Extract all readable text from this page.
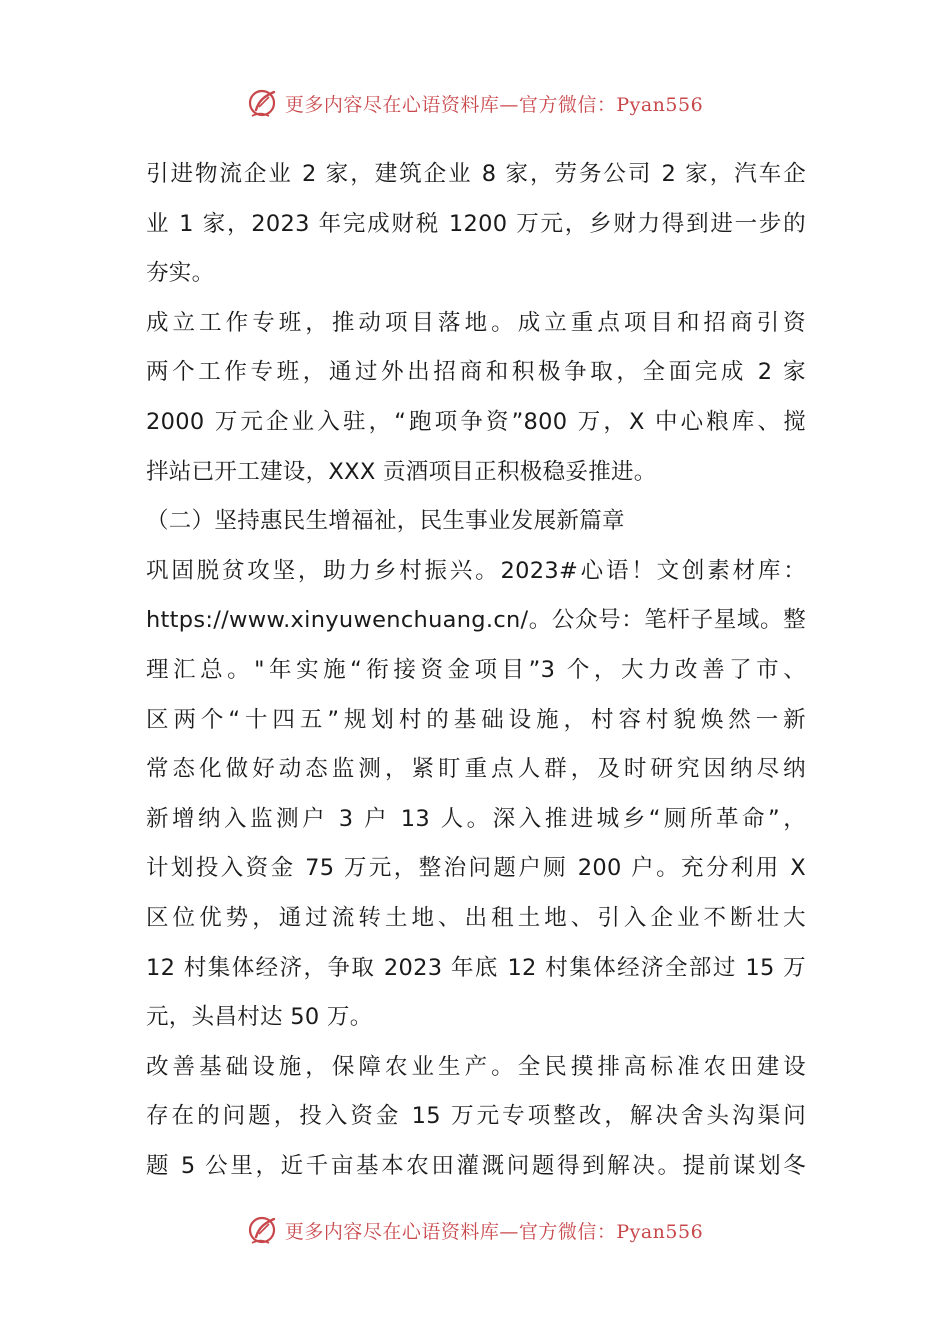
更多内容尽在心语资料库—官方微信：Pyan556
引进物流企业 2 家，建筑企业 8 家，劳务公司 2 家，汽车企
业 1 家，2023 年完成财税 1200 万元，乡财力得到进一步的
夯实。
成立工作专班，推动项目落地。成立重点项目和招商引资
两个工作专班，通过外出招商和积极争取，全面完成 2 家
2000 万元企业入驻，“跑项争资”800 万，X 中心粮库、搅
拌站已开工建设，XXX 贡酒项目正积极稳妥推进。
（二）坚持惠民生增福祉，民生事业发展新篇章
巩固脱贫攻坚，助力乡村振兴。2023#心语！文创素材库：
https://www.xinyuwenchuang.cn/。公众号：笔杆子星域。整
理汇总。"年实施“衔接资金项目”3 个，大力改善了市、
区两个“十四五”规划村的基础设施，村容村貌焕然一新
常态化做好动态监测，紧盯重点人群，及时研究因纳尽纳
新增纳入监测户 3 户 13 人。深入推进城乡“厕所革命”，
计划投入资金 75 万元，整治问题户厕 200 户。充分利用 X
区位优势，通过流转土地、出租土地、引入企业不断壮大
12 村集体经济，争取 2023 年底 12 村集体经济全部过 15 万
元，头昌村达 50 万。
改善基础设施，保障农业生产。全民摸排高标准农田建设
存在的问题，投入资金 15 万元专项整改，解决舍头沟渠问
题 5 公里，近千亩基本农田灌溉问题得到解决。提前谋划冬
更多内容尽在心语资料库—官方微信：Pyan556
